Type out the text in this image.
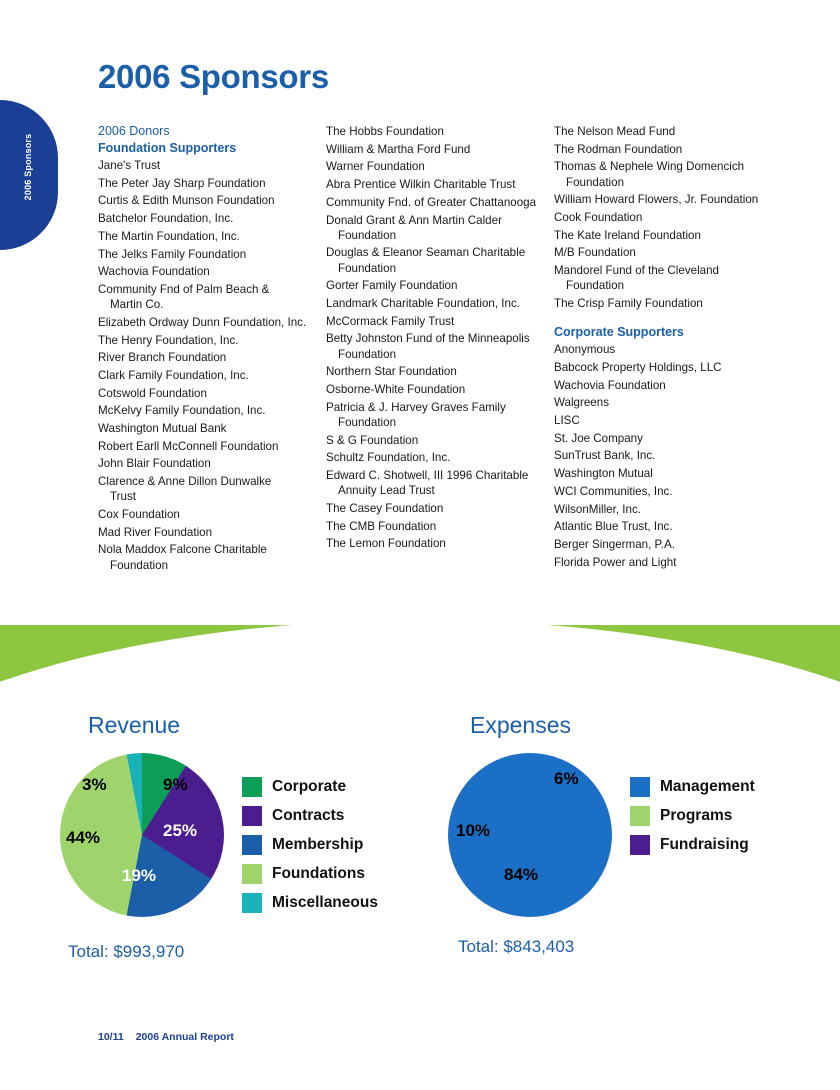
2006 Sponsors
2006 Sponsors
2006 Donors
Foundation Supporters
Jane's Trust
The Peter Jay Sharp Foundation
Curtis & Edith Munson Foundation
Batchelor Foundation, Inc.
The Martin Foundation, Inc.
The Jelks Family Foundation
Wachovia Foundation
Community Fnd of Palm Beach &
Martin Co.
Elizabeth Ordway Dunn Foundation, Inc.
The Henry Foundation, Inc.
River Branch Foundation
Clark Family Foundation, Inc.
Cotswold Foundation
McKelvy Family Foundation, Inc.
Washington Mutual Bank
Robert Earll McConnell Foundation
John Blair Foundation
Clarence & Anne Dillon Dunwalke
Trust
Cox Foundation
Mad River Foundation
Nola Maddox Falcone Charitable
Foundation
The Hobbs Foundation
William & Martha Ford Fund
Warner Foundation
Abra Prentice Wilkin Charitable Trust
Community Fnd. of Greater Chattanooga
Donald Grant & Ann Martin Calder
Foundation
Douglas & Eleanor Seaman Charitable
Foundation
Gorter Family Foundation
Landmark Charitable Foundation, Inc.
McCormack Family Trust
Betty Johnston Fund of the Minneapolis
Foundation
Northern Star Foundation
Osborne-White Foundation
Patricia & J. Harvey Graves Family
Foundation
S & G Foundation
Schultz Foundation, Inc.
Edward C. Shotwell, III 1996 Charitable
Annuity Lead Trust
The Casey Foundation
The CMB Foundation
The Lemon Foundation
The Nelson Mead Fund
The Rodman Foundation
Thomas & Nephele Wing Domencich
Foundation
William Howard Flowers, Jr. Foundation
Cook Foundation
The Kate Ireland Foundation
M/B Foundation
Mandorel Fund of the Cleveland
Foundation
The Crisp Family Foundation
Corporate Supporters
Anonymous
Babcock Property Holdings, LLC
Wachovia Foundation
Walgreens
LISC
St. Joe Company
SunTrust Bank, Inc.
Washington Mutual
WCI Communities, Inc.
WilsonMiller, Inc.
Atlantic Blue Trust, Inc.
Berger Singerman, P.A.
Florida Power and Light
Revenue
9%
25%
19%
44%
3%	Corporate
Contracts
Membership
Foundations
Miscellaneous
Total: $993,970
Expenses
10%
84%
6%	Management
Programs
Fundraising
Total: $843,403
10/11 2006 Annual Report
